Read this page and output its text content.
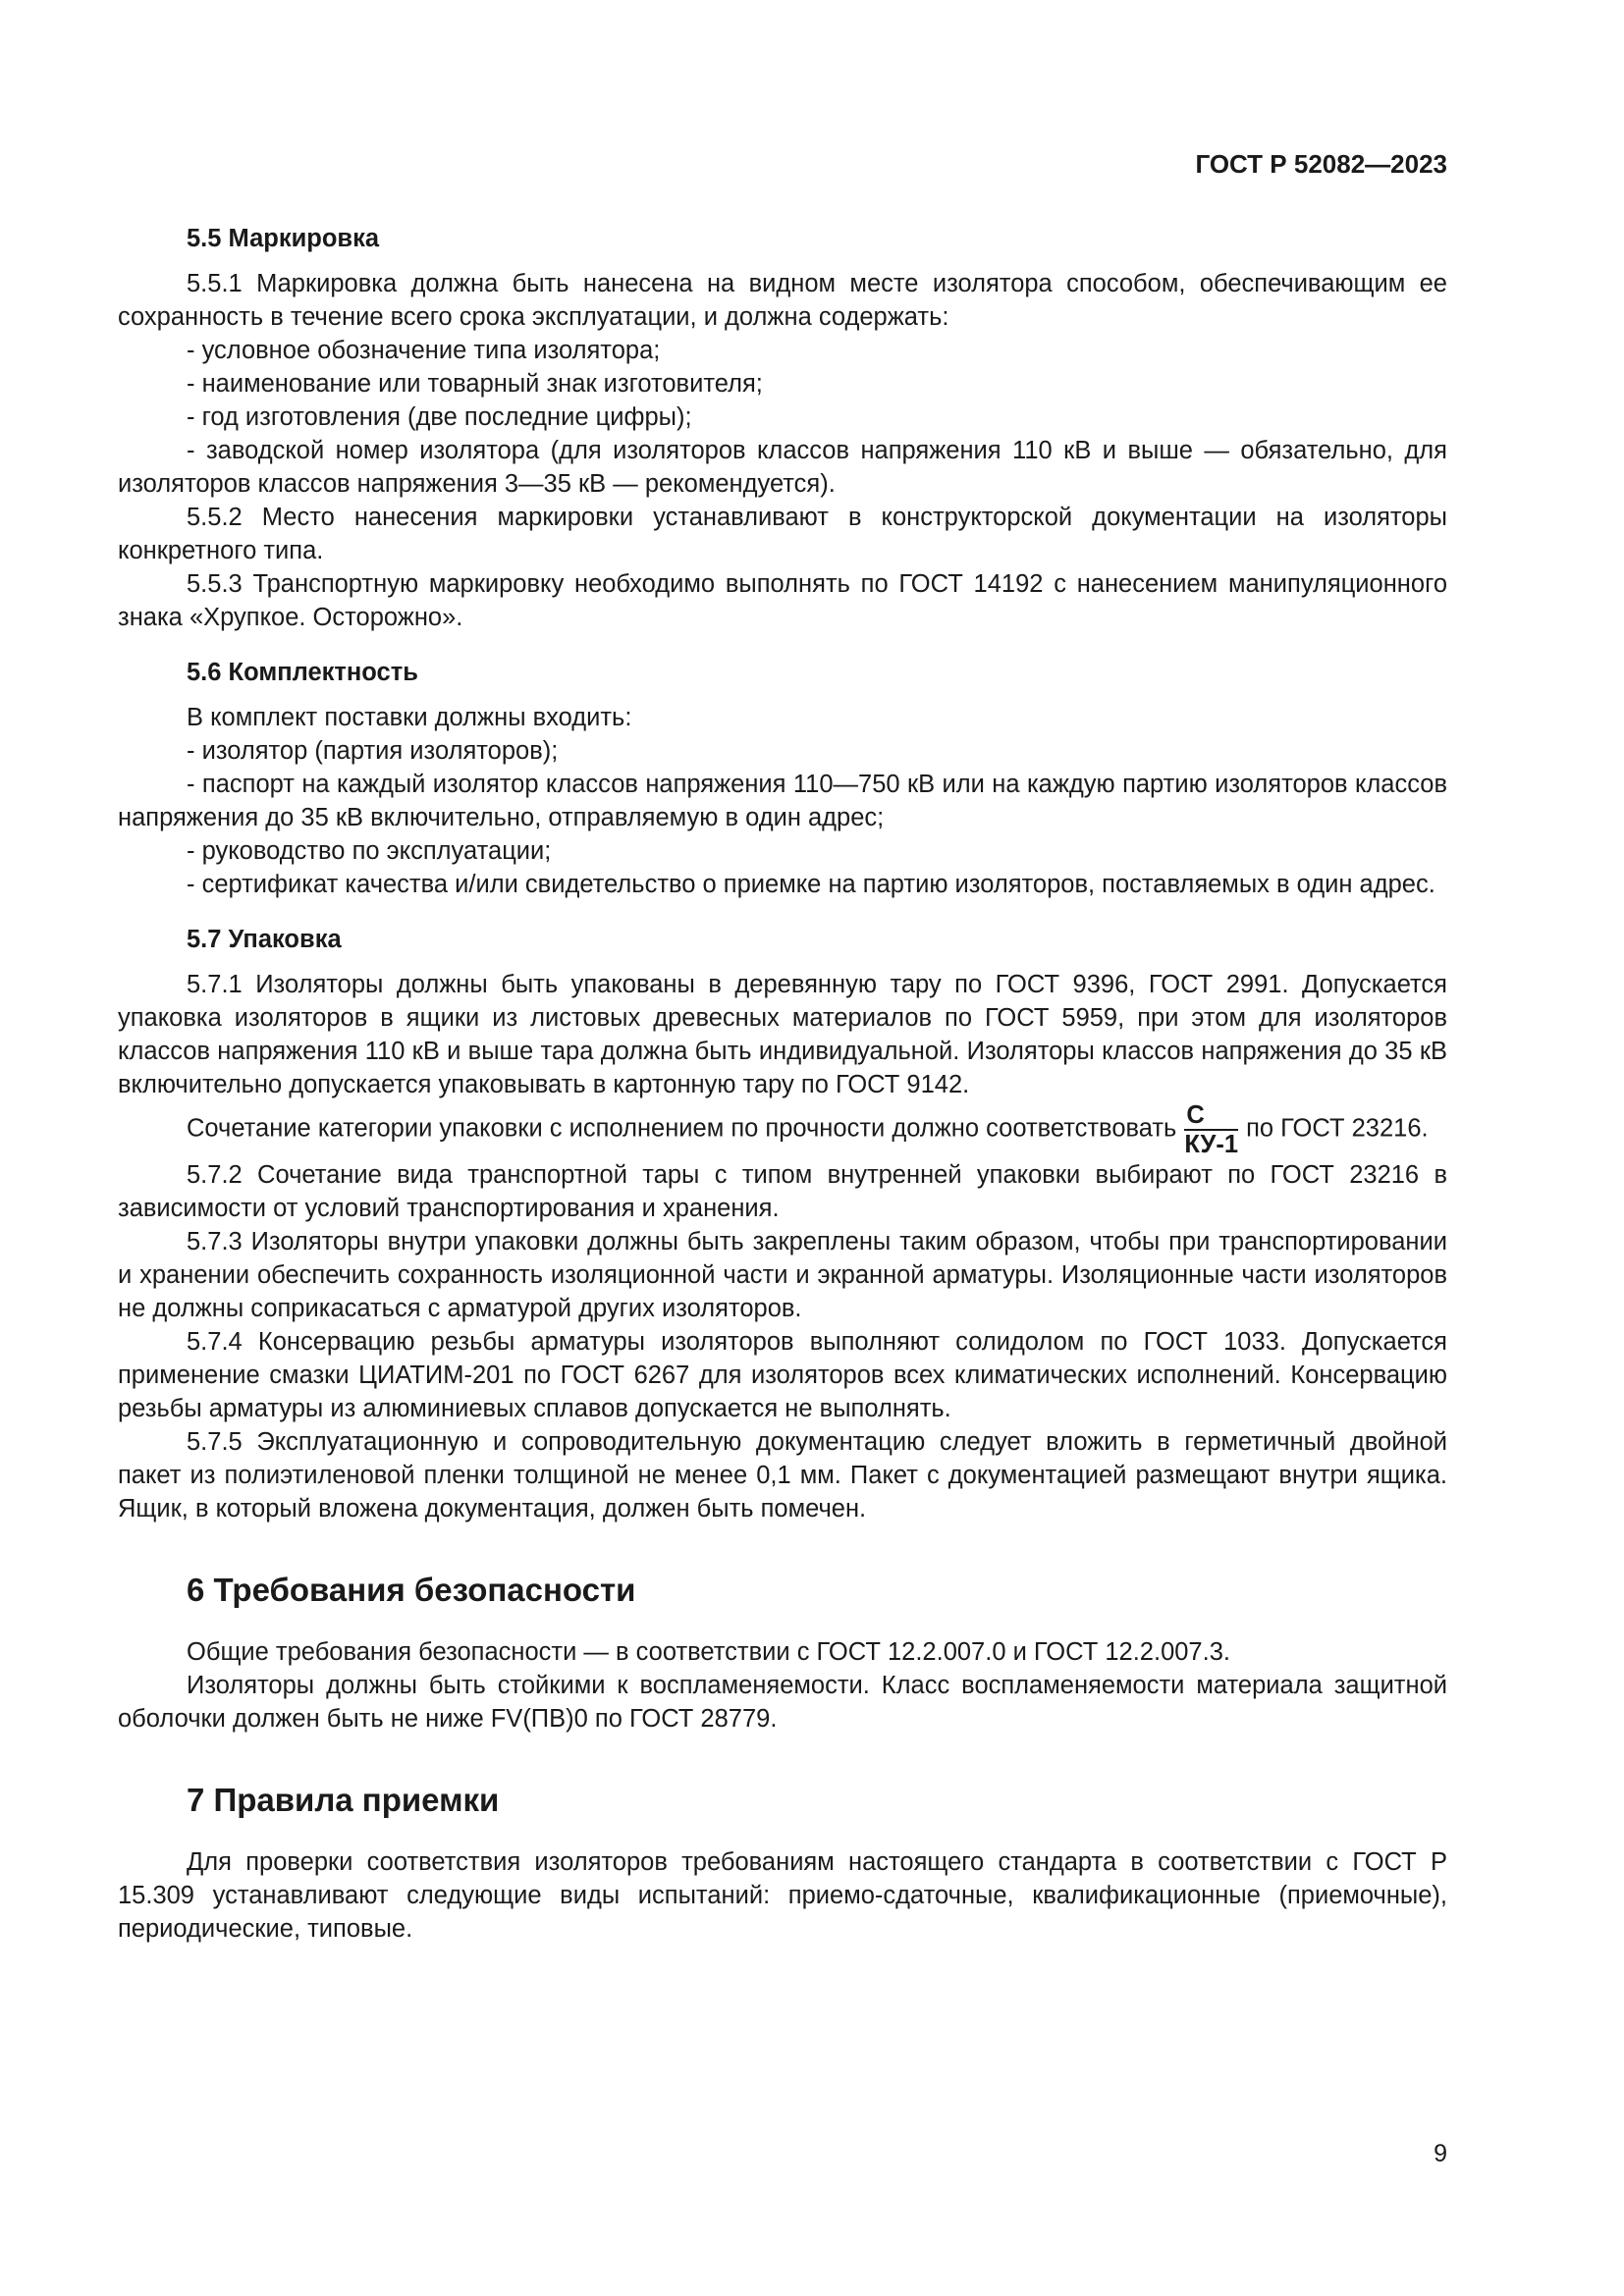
ГОСТ Р 52082—2023
5.5 Маркировка

5.5.1 Маркировка должна быть нанесена на видном месте изолятора способом, обеспечивающим ее сохранность в течение всего срока эксплуатации, и должна содержать:

- условное обозначение типа изолятора;

- наименование или товарный знак изготовителя;

- год изготовления (две последние цифры);

- заводской номер изолятора (для изоляторов классов напряжения 110 кВ и выше — обязательно, для изоляторов классов напряжения 3—35 кВ — рекомендуется).

5.5.2 Место нанесения маркировки устанавливают в конструкторской документации на изоляторы конкретного типа.

5.5.3 Транспортную маркировку необходимо выполнять по ГОСТ 14192 с нанесением манипуляционного знака «Хрупкое. Осторожно».

5.6 Комплектность

В комплект поставки должны входить:

- изолятор (партия изоляторов);

- паспорт на каждый изолятор классов напряжения 110—750 кВ или на каждую партию изоляторов классов напряжения до 35 кВ включительно, отправляемую в один адрес;

- руководство по эксплуатации;

- сертификат качества и/или свидетельство о приемке на партию изоляторов, поставляемых в один адрес.

5.7 Упаковка

5.7.1 Изоляторы должны быть упакованы в деревянную тару по ГОСТ 9396, ГОСТ 2991. Допускается упаковка изоляторов в ящики из листовых древесных материалов по ГОСТ 5959, при этом для изоляторов классов напряжения 110 кВ и выше тара должна быть индивидуальной. Изоляторы классов напряжения до 35 кВ включительно допускается упаковывать в картонную тару по ГОСТ 9142.

Сочетание категории упаковки с исполнением по прочности должно соответствовать $\frac{С}{КУ-1}$ по ГОСТ 23216.

5.7.2 Сочетание вида транспортной тары с типом внутренней упаковки выбирают по ГОСТ 23216 в зависимости от условий транспортирования и хранения.

5.7.3 Изоляторы внутри упаковки должны быть закреплены таким образом, чтобы при транспортировании и хранении обеспечить сохранность изоляционной части и экранной арматуры. Изоляционные части изоляторов не должны соприкасаться с арматурой других изоляторов.

5.7.4 Консервацию резьбы арматуры изоляторов выполняют солидолом по ГОСТ 1033. Допускается применение смазки ЦИАТИМ-201 по ГОСТ 6267 для изоляторов всех климатических исполнений. Консервацию резьбы арматуры из алюминиевых сплавов допускается не выполнять.

5.7.5 Эксплуатационную и сопроводительную документацию следует вложить в герметичный двойной пакет из полиэтиленовой пленки толщиной не менее 0,1 мм. Пакет с документацией размещают внутри ящика. Ящик, в который вложена документация, должен быть помечен.

6 Требования безопасности

Общие требования безопасности — в соответствии с ГОСТ 12.2.007.0 и ГОСТ 12.2.007.3.

Изоляторы должны быть стойкими к воспламеняемости. Класс воспламеняемости материала защитной оболочки должен быть не ниже FV(ПВ)0 по ГОСТ 28779.

7 Правила приемки

Для проверки соответствия изоляторов требованиям настоящего стандарта в соответствии с ГОСТ Р 15.309 устанавливают следующие виды испытаний: приемо-сдаточные, квалификационные (приемочные), периодические, типовые.

9
